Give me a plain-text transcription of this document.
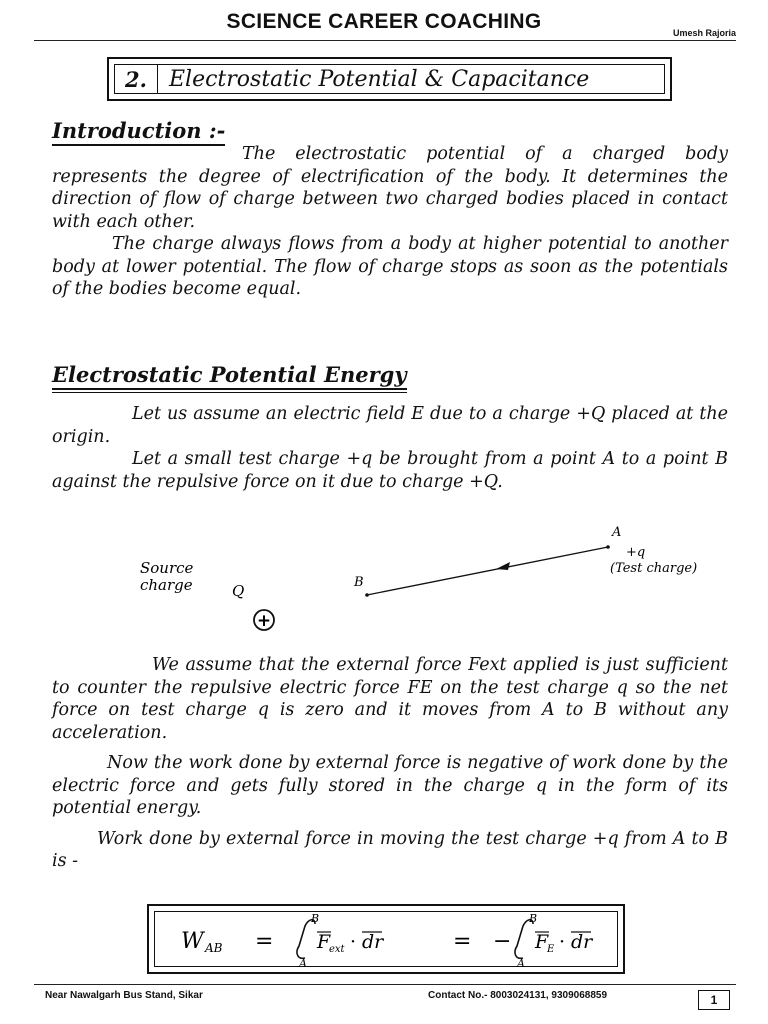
SCIENCE CAREER COACHING	Umesh Rajoria
2.	Electrostatic Potential & Capacitance
Introduction :-

The electrostatic potential of a charged body represents the degree of electrification of the body. It determines the direction of flow of charge between two charged bodies placed in contact with each other.

The charge always flows from a body at higher potential to another body at lower potential. The flow of charge stops as soon as the potentials of the bodies become equal.

Electrostatic Potential Energy

Let us assume an electric field E due to a charge +Q placed at the origin.

Let a small test charge +q be brought from a point A to a point B against the repulsive force on it due to charge +Q.

Source
charge	Q
+
B
A
+q
(Test charge)

We assume that the external force Fext applied is just sufficient to counter the repulsive electric force FE on the test charge q so the net force on test charge q is zero and it moves from A to B without any acceleration.

Now the work done by external force is negative of work done by the electric force and gets fully stored in the charge q in the form of its potential energy.

Work done by external force in moving the test charge +q from A to B is -

W AB =
B
A
F
ext · dr	= −
B
A
F
E · dr
Near Nawalgarh Bus Stand, Sikar	Contact No.- 8003024131, 9309068859	1
